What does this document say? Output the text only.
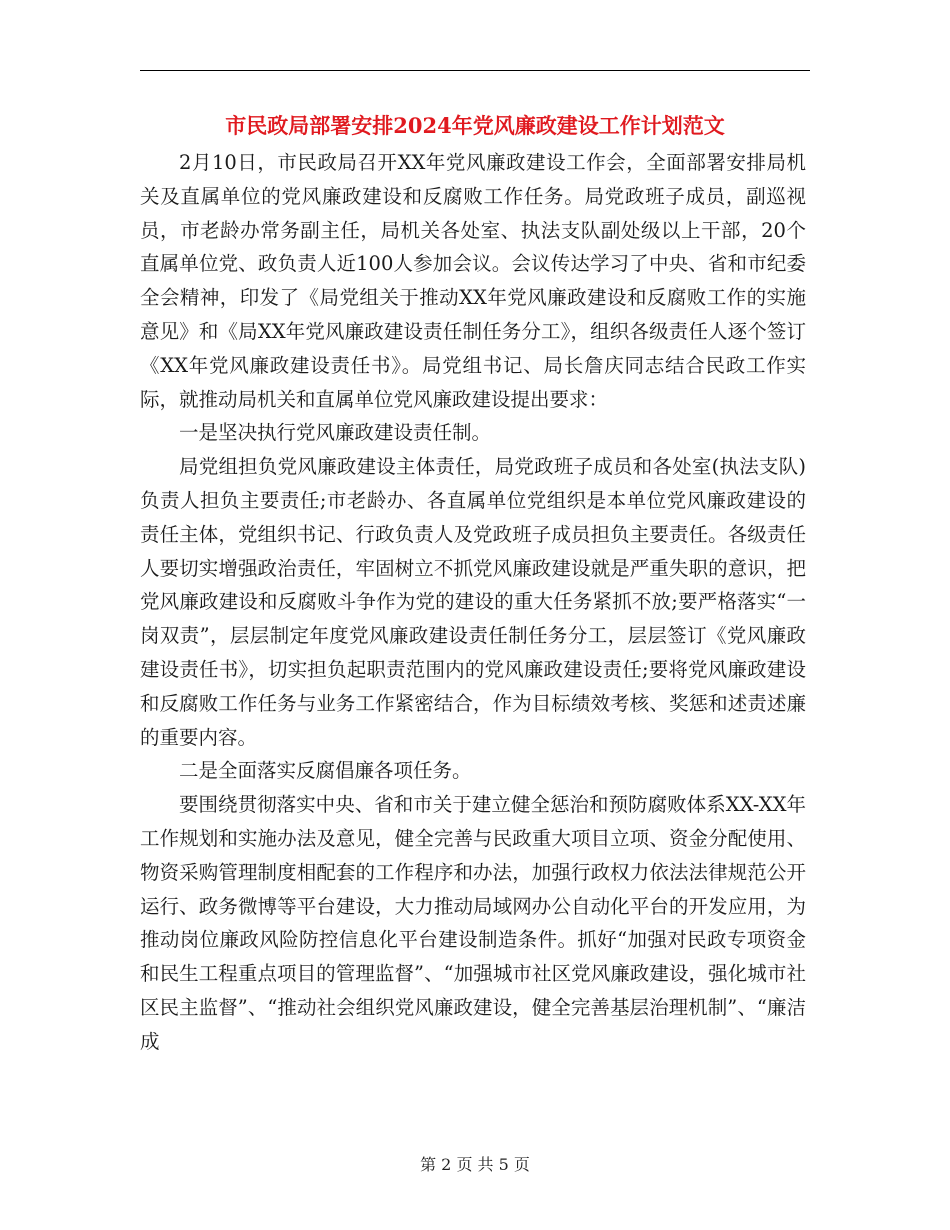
市民政局部署安排2024年党风廉政建设工作计划范文

2月10日，市民政局召开XX年党风廉政建设工作会，全面部署安排局机关及直属单位的党风廉政建设和反腐败工作任务。局党政班子成员，副巡视员，市老龄办常务副主任，局机关各处室、执法支队副处级以上干部，20个直属单位党、政负责人近100人参加会议。会议传达学习了中央、省和市纪委全会精神，印发了《局党组关于推动XX年党风廉政建设和反腐败工作的实施意见》和《局XX年党风廉政建设责任制任务分工》，组织各级责任人逐个签订《XX年党风廉政建设责任书》。局党组书记、局长詹庆同志结合民政工作实际，就推动局机关和直属单位党风廉政建设提出要求：

一是坚决执行党风廉政建设责任制。

局党组担负党风廉政建设主体责任，局党政班子成员和各处室(执法支队)负责人担负主要责任;市老龄办、各直属单位党组织是本单位党风廉政建设的责任主体，党组织书记、行政负责人及党政班子成员担负主要责任。各级责任人要切实增强政治责任，牢固树立不抓党风廉政建设就是严重失职的意识，把党风廉政建设和反腐败斗争作为党的建设的重大任务紧抓不放;要严格落实“一岗双责”，层层制定年度党风廉政建设责任制任务分工，层层签订《党风廉政建设责任书》，切实担负起职责范围内的党风廉政建设责任;要将党风廉政建设和反腐败工作任务与业务工作紧密结合，作为目标绩效考核、奖惩和述责述廉的重要内容。

二是全面落实反腐倡廉各项任务。

要围绕贯彻落实中央、省和市关于建立健全惩治和预防腐败体系XX-XX年工作规划和实施办法及意见，健全完善与民政重大项目立项、资金分配使用、物资采购管理制度相配套的工作程序和办法，加强行政权力依法法律规范公开运行、政务微博等平台建设，大力推动局域网办公自动化平台的开发应用，为推动岗位廉政风险防控信息化平台建设制造条件。抓好“加强对民政专项资金和民生工程重点项目的管理监督”、“加强城市社区党风廉政建设，强化城市社区民主监督”、“推动社会组织党风廉政建设，健全完善基层治理机制”、“廉洁成

第 2 页 共 5 页
